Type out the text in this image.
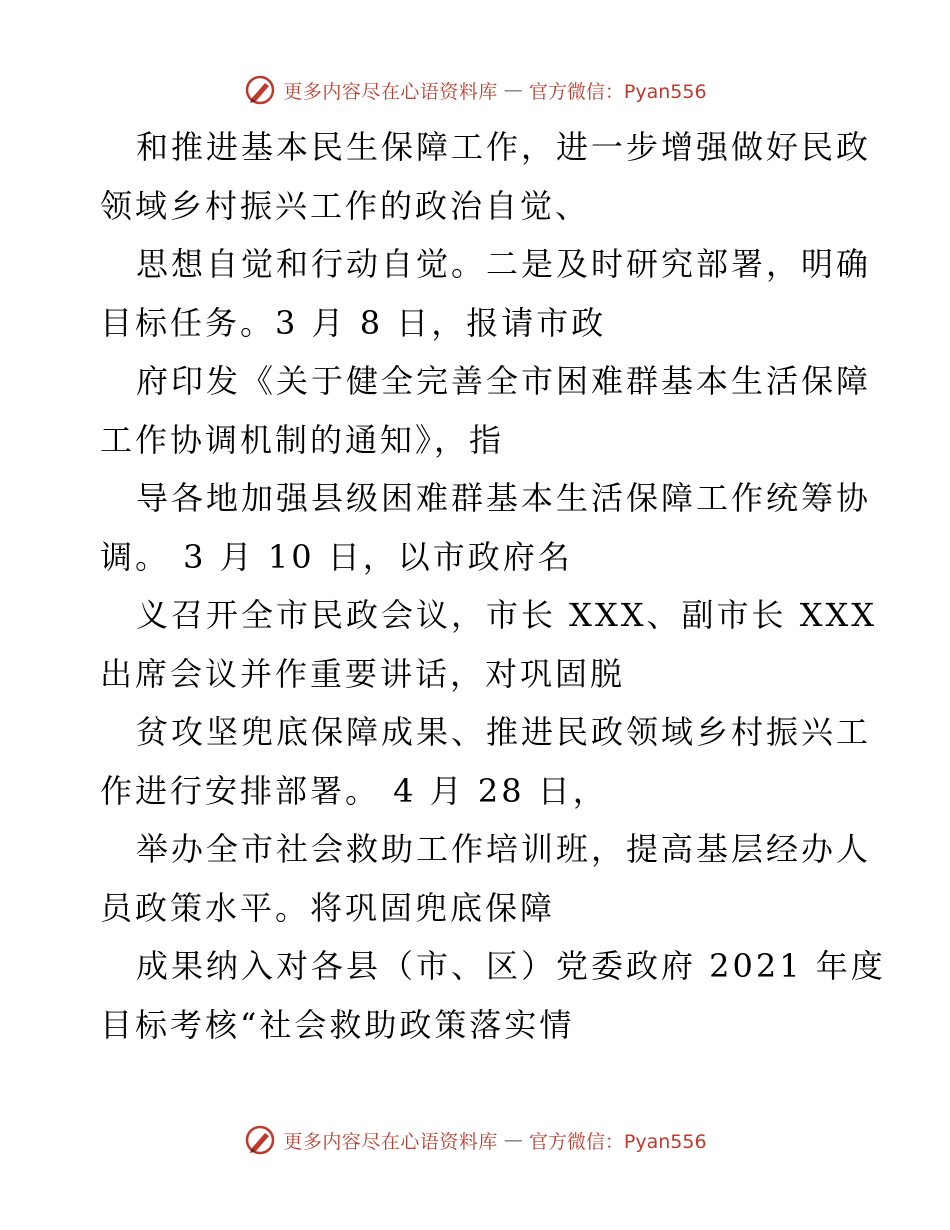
更多内容尽在心语资料库 — 官方微信：Pyan556
和推进基本民生保障工作，进一步增强做好民政
领域乡村振兴工作的政治自觉、
思想自觉和行动自觉。二是及时研究部署，明确
目标任务。3 月 8 日，报请市政
府印发《关于健全完善全市困难群基本生活保障
工作协调机制的通知》，指
导各地加强县级困难群基本生活保障工作统筹协
调。 3 月 10 日，以市政府名
义召开全市民政会议，市长 XXX、副市长 XXX
出席会议并作重要讲话，对巩固脱
贫攻坚兜底保障成果、推进民政领域乡村振兴工
作进行安排部署。 4 月 28 日，
举办全市社会救助工作培训班，提高基层经办人
员政策水平。将巩固兜底保障
成果纳入对各县（市、区）党委政府 2021 年度
目标考核“社会救助政策落实情
更多内容尽在心语资料库 — 官方微信：Pyan556
